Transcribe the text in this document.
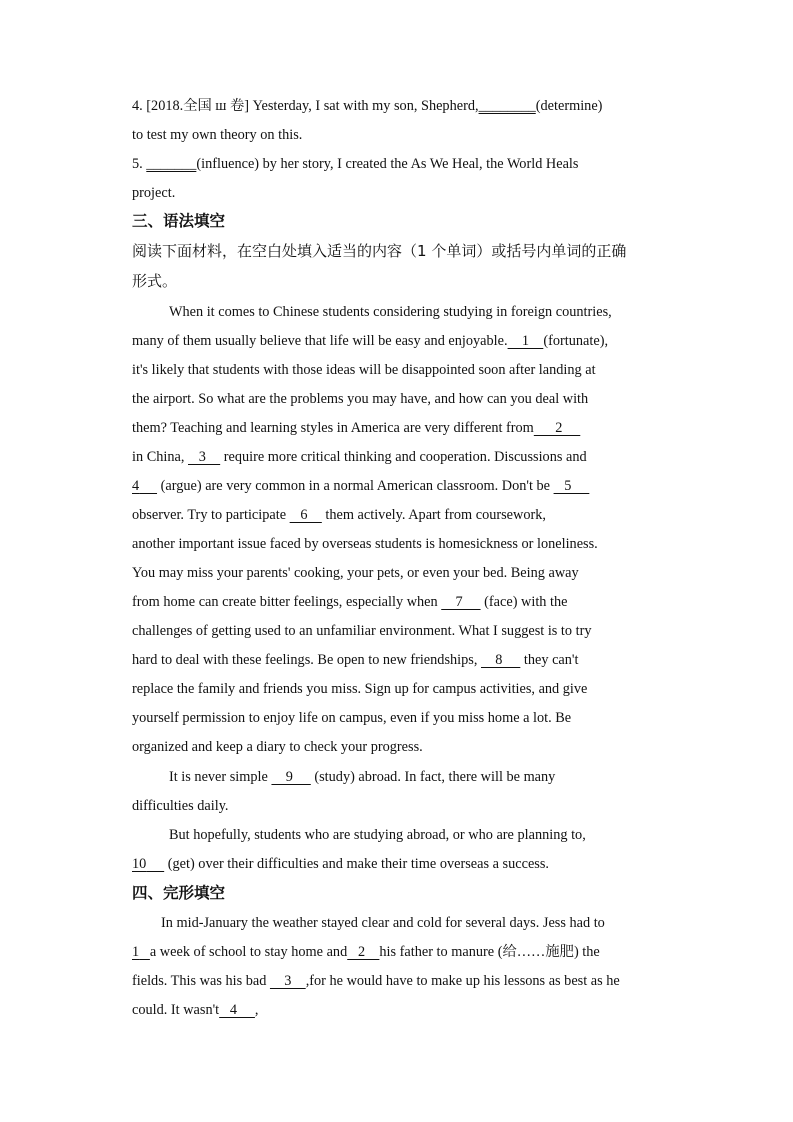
4. [2018.全国 ш 卷] Yesterday, I sat with my son, Shepherd,________(determine)
to test my own theory on this.
5. _______(influence) by her story, I created the As We Heal, the World Heals
project.
三、语法填空
阅读下面材料，在空白处填入适当的内容（1 个单词）或括号内单词的正确
形式。
When it comes to Chinese students considering studying in foreign countries,
many of them usually believe that life will be easy and enjoyable.    1    (fortunate),
it's likely that students with those ideas will be disappointed soon after landing at
the airport. So what are the problems you may have, and how can you deal with
them? Teaching and learning styles in America are very different from      2
in China,    3     require more critical thinking and cooperation. Discussions and
4      (argue) are very common in a normal American classroom. Don't be    5
observer. Try to participate    6     them actively. Apart from coursework,
another important issue faced by overseas students is homesickness or loneliness.
You may miss your parents' cooking, your pets, or even your bed. Being away
from home can create bitter feelings, especially when     7      (face) with the
challenges of getting used to an unfamiliar environment. What I suggest is to try
hard to deal with these feelings. Be open to new friendships,     8      they can't
replace the family and friends you miss. Sign up for campus activities, and give
yourself permission to enjoy life on campus, even if you miss home a lot. Be
organized and keep a diary to check your progress.
It is never simple     9      (study) abroad. In fact, there will be many
difficulties daily.
But hopefully, students who are studying abroad, or who are planning to,
10      (get) over their difficulties and make their time overseas a success.
四、完形填空
In mid-January the weather stayed clear and cold for several days. Jess had to
1 a week of school to stay home and   2    his father to manure (给……施肥) the
fields. This was his bad     3    ,for he would have to make up his lessons as best as he
could. It wasn't   4     ,
